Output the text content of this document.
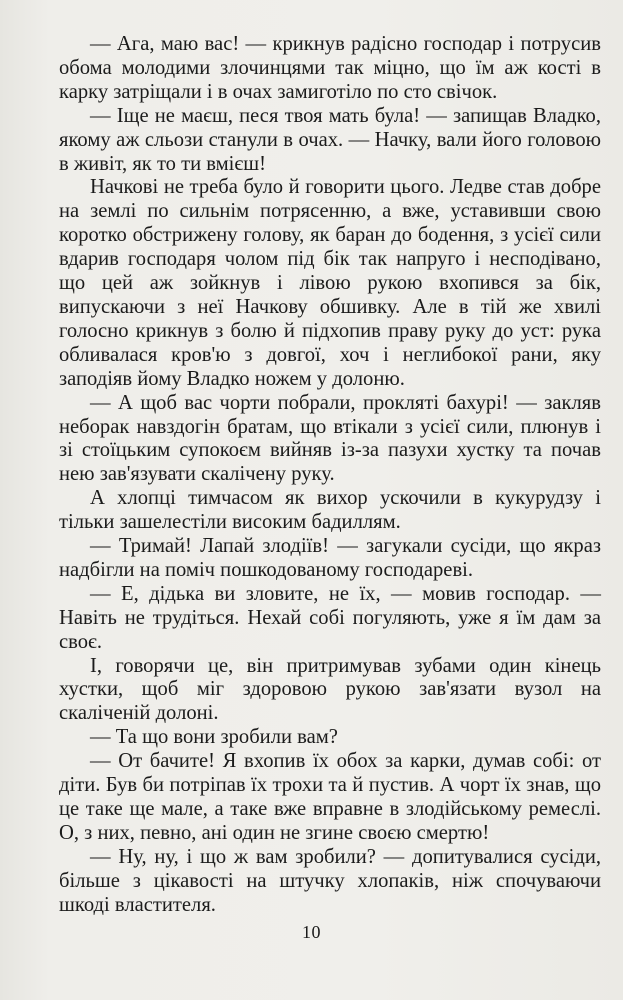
— Ага, маю вас! — крикнув радісно господар і потрусив обома молодими злочинцями так міцно, що їм аж кості в карку затріщали і в очах замиготіло по сто свічок.

— Іще не маєш, песя твоя мать була! — запищав Владко, якому аж сльози станули в очах. — Начку, вали його головою в живіт, як то ти вмієш!

Начкові не треба було й говорити цього. Ледве став добре на землі по сильнім потрясенню, а вже, уставивши свою коротко обстрижену голову, як баран до бодення, з усієї сили вдарив господаря чолом під бік так напруго і несподівано, що цей аж зойкнув і лівою рукою вхопився за бік, випускаючи з неї Начкову обшивку. Але в тій же хвилі голосно крикнув з болю й підхопив праву руку до уст: рука обливалася кров'ю з довгої, хоч і неглибокої рани, яку заподіяв йому Владко ножем у долоню.

— А щоб вас чорти побрали, прокляті бахурі! — закляв неборак навздогін братам, що втікали з усієї сили, плюнув і зі стоїцьким супокоєм вийняв із-за пазухи хустку та почав нею зав'язувати скалічену руку.

А хлопці тимчасом як вихор ускочили в кукурудзу і тільки зашелестіли високим бадиллям.

— Тримай! Лапай злодіїв! — загукали сусіди, що якраз надбігли на поміч пошкодованому господареві.

— Е, дідька ви зловите, не їх, — мовив господар. — Навіть не трудіться. Нехай собі погуляють, уже я їм дам за своє.

І, говорячи це, він притримував зубами один кінець хустки, щоб міг здоровою рукою зав'язати вузол на скаліченій долоні.

— Та що вони зробили вам?

— От бачите! Я вхопив їх обох за карки, думав собі: от діти. Був би потріпав їх трохи та й пустив. А чорт їх знав, що це таке ще мале, а таке вже вправне в злодійському ремеслі. О, з них, певно, ані один не згине своєю смертю!

— Ну, ну, і що ж вам зробили? — допитувалися сусіди, більше з цікавості на штучку хлопаків, ніж спочуваючи шкоді властителя.

10
